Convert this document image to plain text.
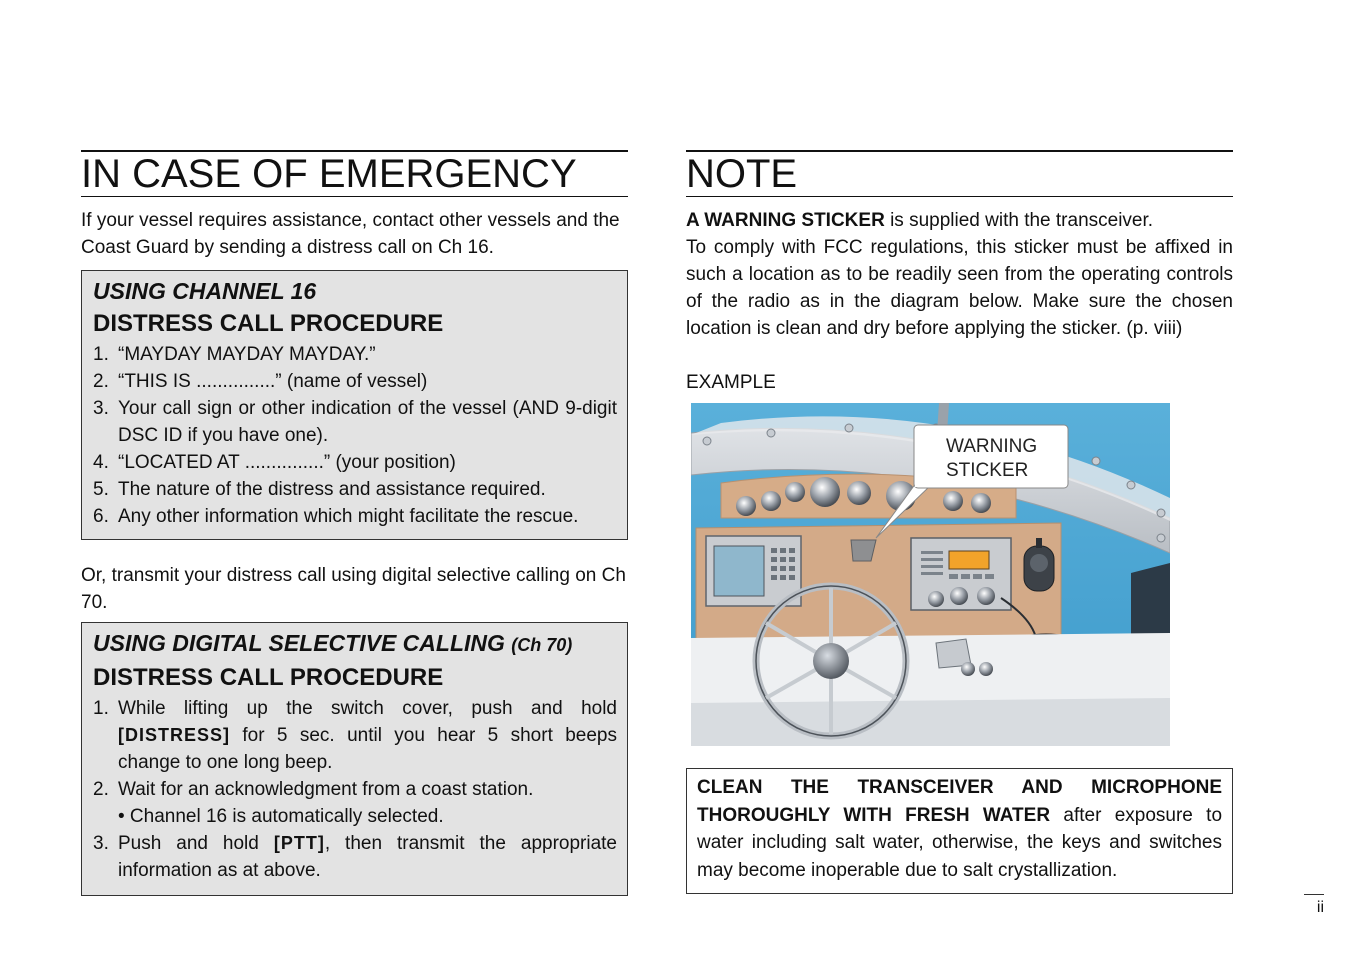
IN CASE OF EMERGENCY

If your vessel requires assistance, contact other vessels and the Coast Guard by sending a distress call on Ch 16.

USING CHANNEL 16
DISTRESS CALL PROCEDURE
1. “MAYDAY MAYDAY MAYDAY.”
2. “THIS IS ...............” (name of vessel)
3. Your call sign or other indication of the vessel (AND 9-digit DSC ID if you have one).
4. “LOCATED AT ...............” (your position)
5. The nature of the distress and assistance required.
6. Any other information which might facilitate the rescue.

Or, transmit your distress call using digital selective calling on Ch 70.

USING DIGITAL SELECTIVE CALLING (Ch 70)
DISTRESS CALL PROCEDURE
1. While lifting up the switch cover, push and hold [DISTRESS] for 5 sec. until you hear 5 short beeps change to one long beep.
2. Wait for an acknowledgment from a coast station.
• Channel 16 is automatically selected.
3. Push and hold [PTT], then transmit the appropriate information as at above.
NOTE

A WARNING STICKER is supplied with the transceiver.

To comply with FCC regulations, this sticker must be affixed in such a location as to be readily seen from the operating controls of the radio as in the diagram below. Make sure the chosen location is clean and dry before applying the sticker. (p. viii)

EXAMPLE

WARNING
STICKER
CLEAN THE TRANSCEIVER AND MICROPHONE THOROUGHLY WITH FRESH WATER after exposure to water including salt water, otherwise, the keys and switches may become inoperable due to salt crystallization.
ii
